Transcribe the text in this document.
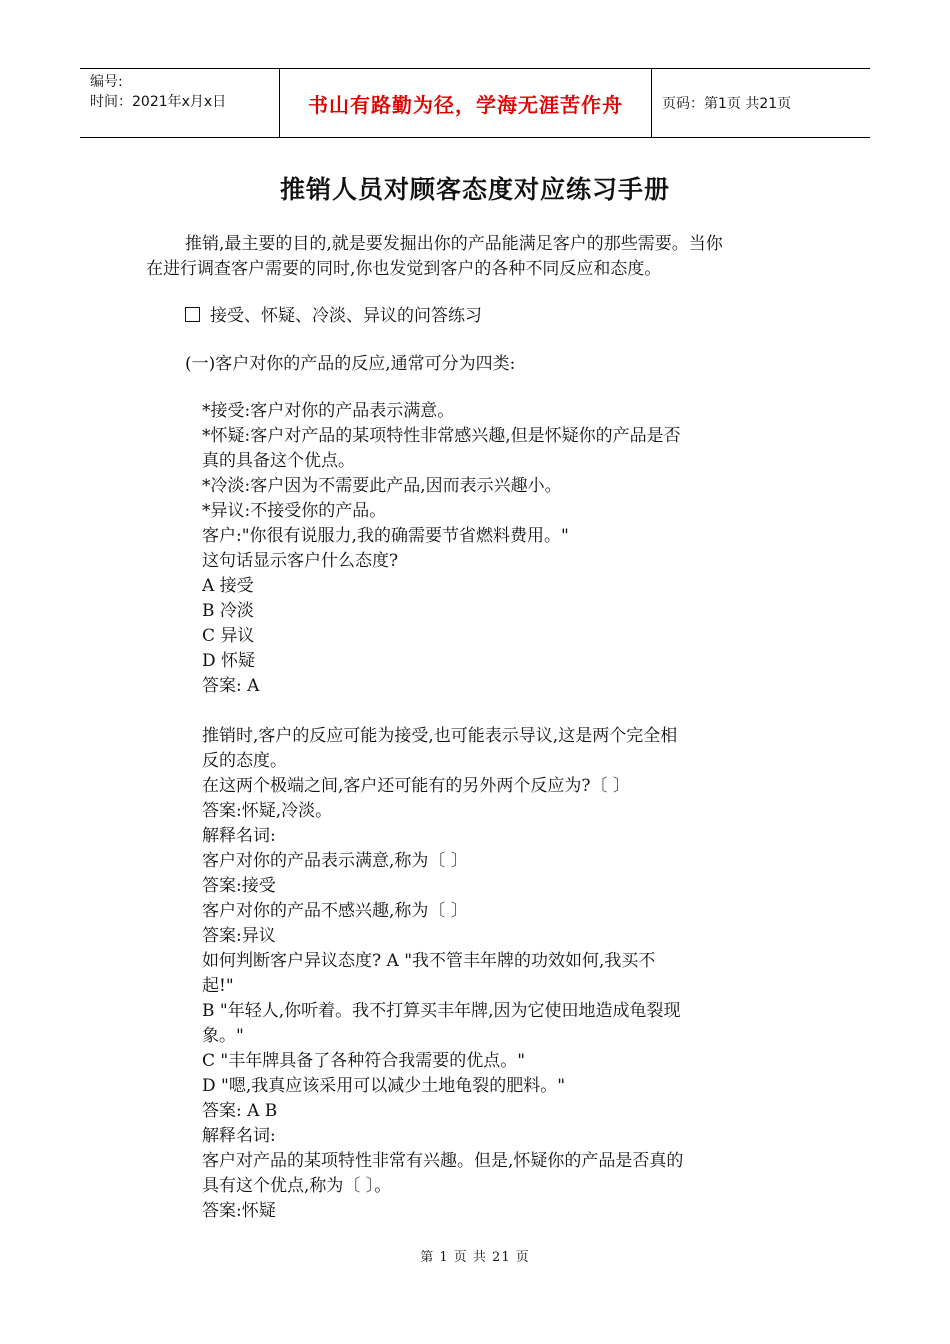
编号:
时间：2021年x月x日	书山有路勤为径，学海无涯苦作舟	页码：第1页 共21页
推销人员对顾客态度对应练习手册
推销,最主要的目的,就是要发掘出你的产品能满足客户的那些需要。当你
在进行调查客户需要的同时,你也发觉到客户的各种不同反应和态度。
接受、怀疑、冷淡、异议的问答练习
(一)客户对你的产品的反应,通常可分为四类:
*接受:客户对你的产品表示满意。
*怀疑:客户对产品的某项特性非常感兴趣,但是怀疑你的产品是否
真的具备这个优点。
*冷淡:客户因为不需要此产品,因而表示兴趣小。
*异议:不接受你的产品。
客户:"你很有说服力,我的确需要节省燃料费用。"
这句话显示客户什么态度?
A 接受
B 冷淡
C 异议
D 怀疑
答案: A
推销时,客户的反应可能为接受,也可能表示导议,这是两个完全相
反的态度。
在这两个极端之间,客户还可能有的另外两个反应为?〔 〕
答案:怀疑,冷淡。
解释名词:
客户对你的产品表示满意,称为〔 〕
答案:接受
客户对你的产品不感兴趣,称为〔 〕
答案:异议
如何判断客户异议态度? A "我不管丰年牌的功效如何,我买不
起!"
B "年轻人,你听着。我不打算买丰年牌,因为它使田地造成龟裂现
象。"
C "丰年牌具备了各种符合我需要的优点。"
D "嗯,我真应该采用可以减少土地龟裂的肥料。"
答案: A B
解释名词:
客户对产品的某项特性非常有兴趣。但是,怀疑你的产品是否真的
具有这个优点,称为〔 〕。
答案:怀疑
第 1 页 共 21 页
